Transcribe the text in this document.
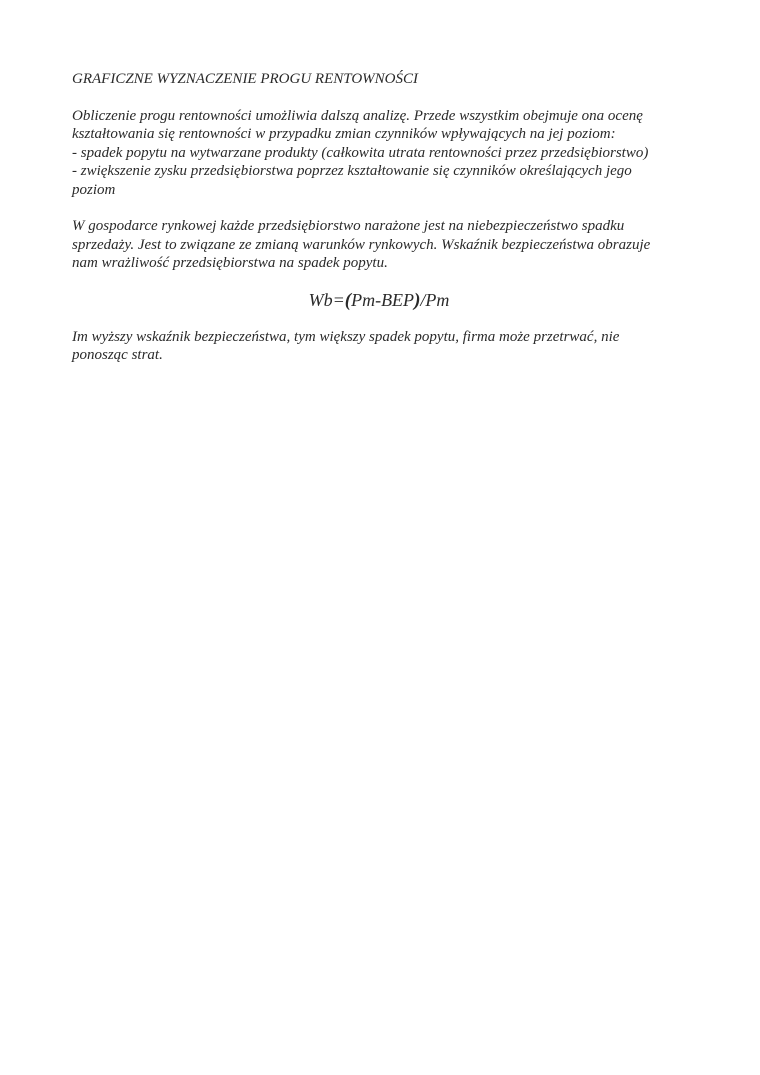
GRAFICZNE WYZNACZENIE PROGU RENTOWNOŚCI

Obliczenie progu rentowności umożliwia dalszą analizę. Przede wszystkim obejmuje ona ocenę
kształtowania się rentowności w przypadku zmian czynników wpływających na jej poziom:
- spadek popytu na wytwarzane produkty (całkowita utrata rentowności przez przedsiębiorstwo)
- zwiększenie zysku przedsiębiorstwa poprzez kształtowanie się czynników określających jego
poziom

W gospodarce rynkowej każde przedsiębiorstwo narażone jest na niebezpieczeństwo spadku
sprzedaży. Jest to związane ze zmianą warunków rynkowych. Wskaźnik bezpieczeństwa obrazuje
nam wrażliwość przedsiębiorstwa na spadek popytu.

Wb=(Pm-BEP)/Pm

Im wyższy wskaźnik bezpieczeństwa, tym większy spadek popytu, firma może przetrwać, nie
ponosząc strat.
